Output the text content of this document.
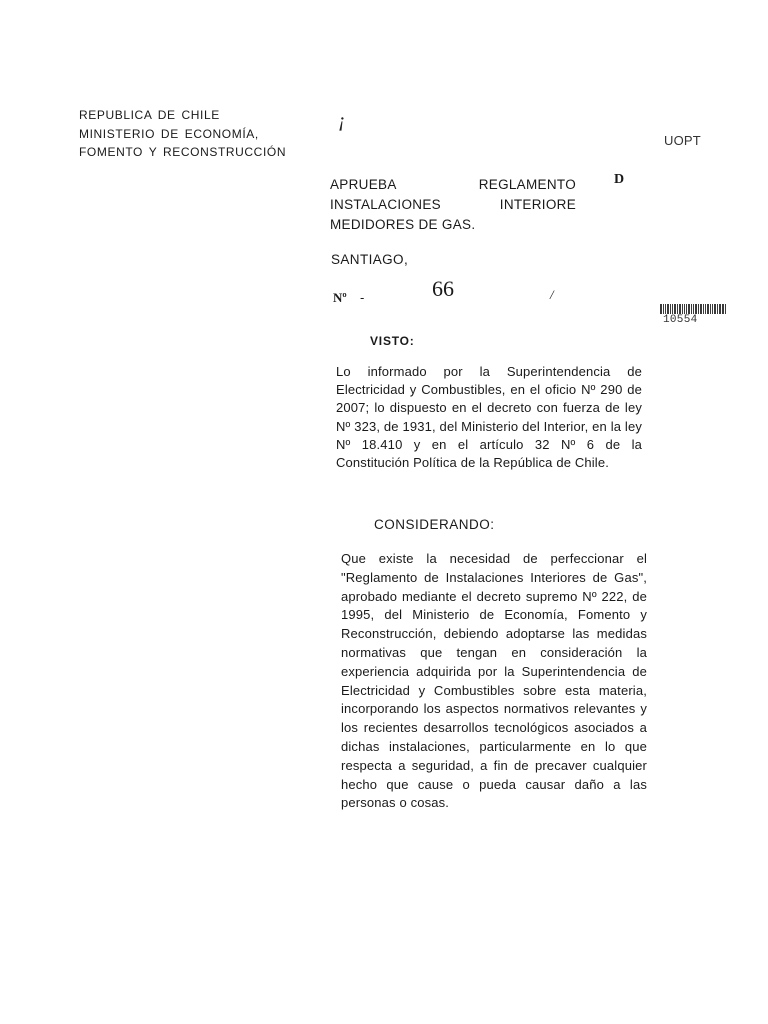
REPUBLICA DE CHILE
MINISTERIO DE ECONOMÍA,
FOMENTO Y RECONSTRUCCIÓN
¡
UOPT
D
APRUEBA REGLAMENTO
INSTALACIONES INTERIORE
MEDIDORES DE GAS.
SANTIAGO,
Nº -	66	/
10554
VISTO:
Lo informado por la Superintendencia de Electricidad y Combustibles, en el oficio Nº 290 de 2007; lo dispuesto en el decreto con fuerza de ley Nº 323, de 1931, del Ministerio del Interior, en la ley Nº 18.410 y en el artículo 32 Nº 6 de la Constitución Política de la República de Chile.
CONSIDERANDO:
Que existe la necesidad de perfeccionar el "Reglamento de Instalaciones Interiores de Gas", aprobado mediante el decreto supremo Nº 222, de 1995, del Ministerio de Economía, Fomento y Reconstrucción, debiendo adoptarse las medidas normativas que tengan en consideración la experiencia adquirida por la Superintendencia de Electricidad y Combustibles sobre esta materia, incorporando los aspectos normativos relevantes y los recientes desarrollos tecnológicos asociados a dichas instalaciones, particularmente en lo que respecta a seguridad, a fin de precaver cualquier hecho que cause o pueda causar daño a las personas o cosas.
